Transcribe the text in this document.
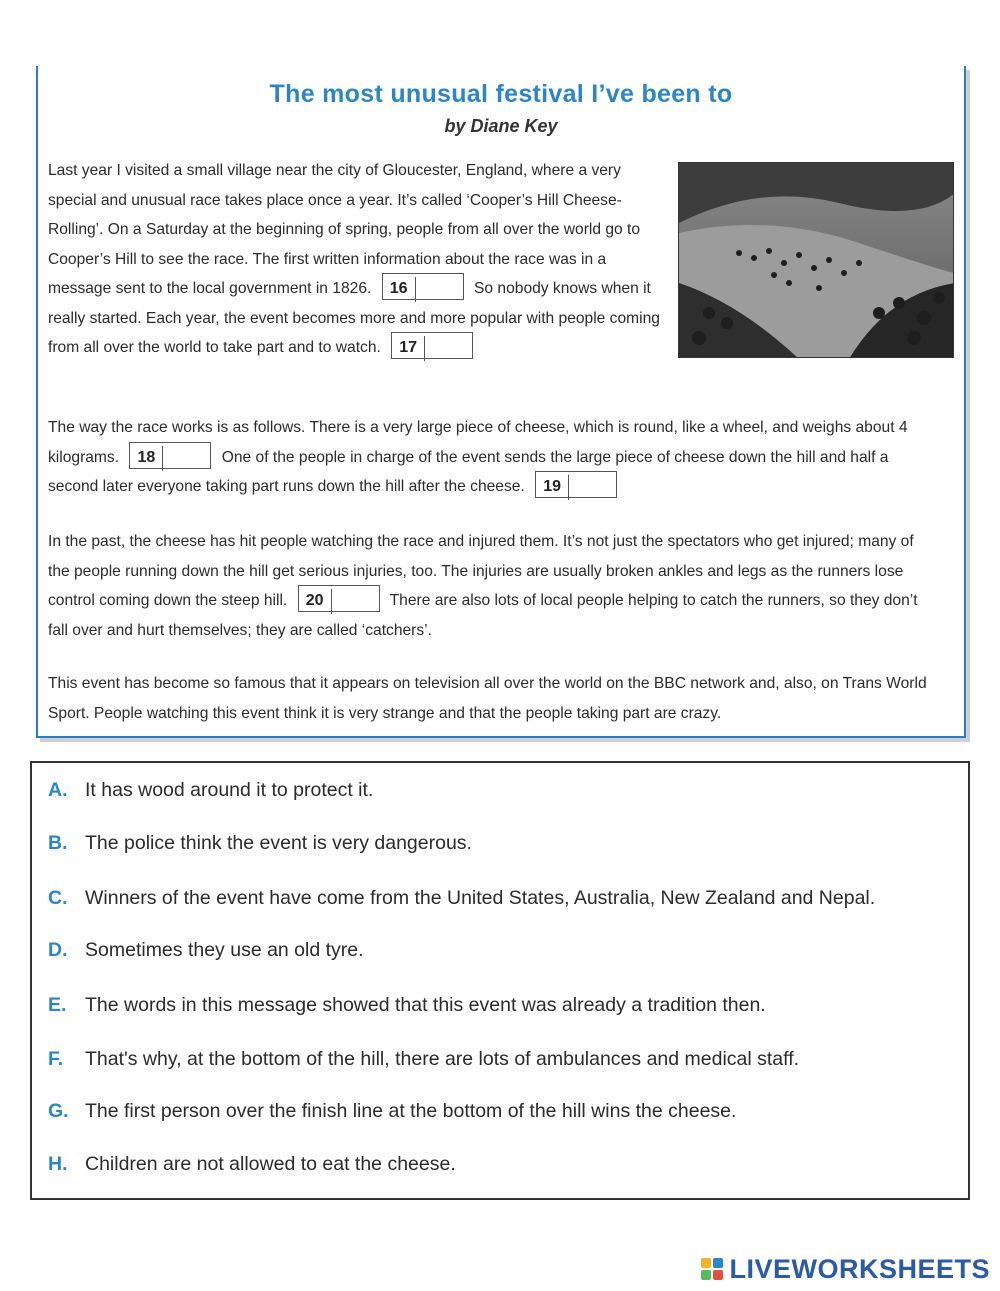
The most unusual festival I’ve been to
by Diane Key
Last year I visited a small village near the city of Gloucester, England, where a very special and unusual race takes place once a year. It’s called ‘Cooper’s Hill Cheese-Rolling’. On a Saturday at the beginning of spring, people from all over the world go to Cooper’s Hill to see the race. The first written information about the race was in a message sent to the local government in 1826. 16	So nobody knows when it really started. Each year, the event becomes more and more popular with people coming from all over the world to take part and to watch. 17
The way the race works is as follows. There is a very large piece of cheese, which is round, like a wheel, and weighs about 4 kilograms. 18	One of the people in charge of the event sends the large piece of cheese down the hill and half a second later everyone taking part runs down the hill after the cheese. 19
In the past, the cheese has hit people watching the race and injured them. It’s not just the spectators who get injured; many of the people running down the hill get serious injuries, too. The injuries are usually broken ankles and legs as the runners lose control coming down the steep hill. 20	There are also lots of local people helping to catch the runners, so they don’t fall over and hurt themselves; they are called ‘catchers’.
This event has become so famous that it appears on television all over the world on the BBC network and, also, on Trans World Sport. People watching this event think it is very strange and that the people taking part are crazy.
A. It has wood around it to protect it.
B. The police think the event is very dangerous.
C. Winners of the event have come from the United States, Australia, New Zealand and Nepal.
D. Sometimes they use an old tyre.
E. The words in this message showed that this event was already a tradition then.
F. That's why, at the bottom of the hill, there are lots of ambulances and medical staff.
G. The first person over the finish line at the bottom of the hill wins the cheese.
H. Children are not allowed to eat the cheese.
LIVEWORKSHEETS
